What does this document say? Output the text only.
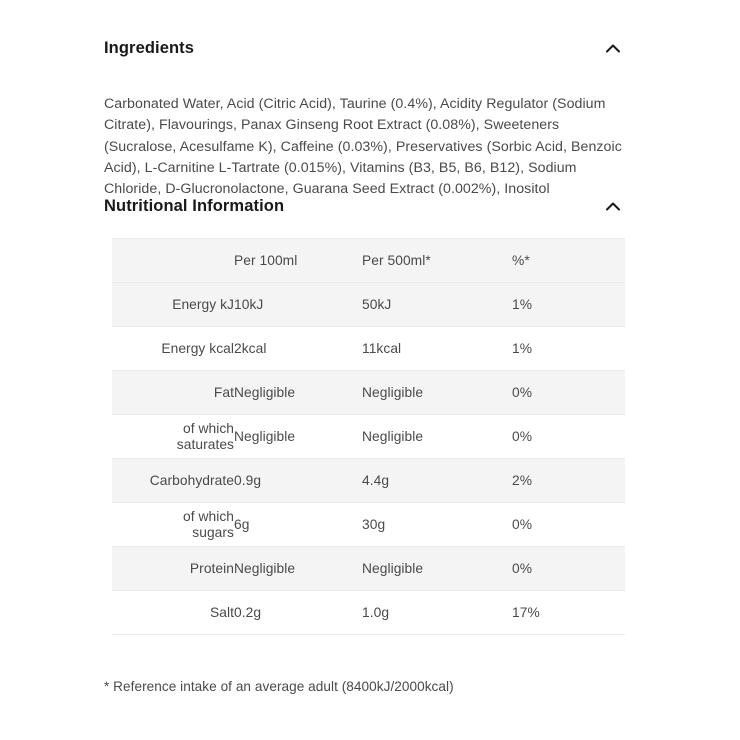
Ingredients

Carbonated Water, Acid (Citric Acid), Taurine (0.4%), Acidity Regulator (Sodium Citrate), Flavourings, Panax Ginseng Root Extract (0.08%), Sweeteners (Sucralose, Acesulfame K), Caffeine (0.03%), Preservatives (Sorbic Acid, Benzoic Acid), L-Carnitine L-Tartrate (0.015%), Vitamins (B3, B5, B6, B12), Sodium Chloride, D-Glucronolactone, Guarana Seed Extract (0.002%), Inositol

Nutritional Information
	Per 100ml	Per 500ml*	%*
Energy kJ	10kJ	50kJ	1%
Energy kcal	2kcal	11kcal	1%
Fat	Negligible	Negligible	0%

of which
saturates	Negligible	Negligible	0%
Carbohydrate	0.9g	4.4g	2%

of which
sugars	6g	30g	0%
Protein	Negligible	Negligible	0%
Salt	0.2g	1.0g	17%
* Reference intake of an average adult (8400kJ/2000kcal)
